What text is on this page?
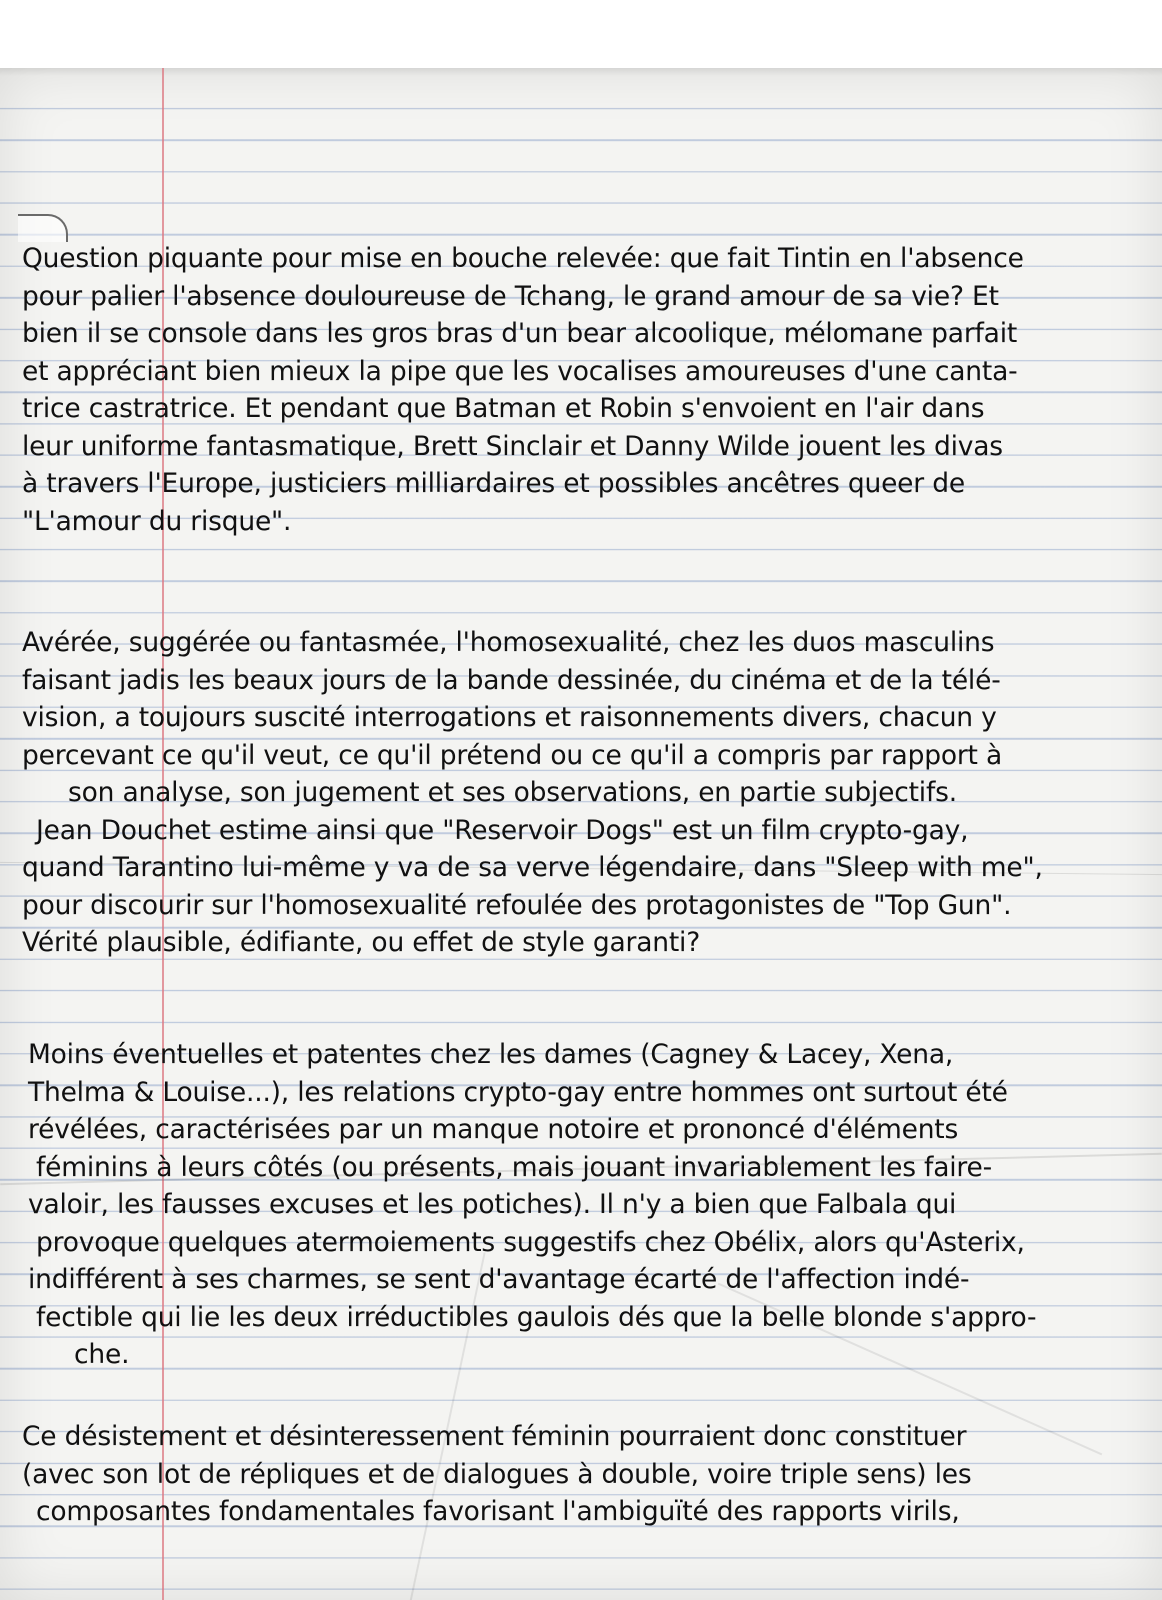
Question piquante pour mise en bouche relevée: que fait Tintin en l'absence
pour palier l'absence douloureuse de Tchang, le grand amour de sa vie? Et
bien il se console dans les gros bras d'un bear alcoolique, mélomane parfait
et appréciant bien mieux la pipe que les vocalises amoureuses d'une canta-
trice castratrice. Et pendant que Batman et Robin s'envoient en l'air dans
leur uniforme fantasmatique, Brett Sinclair et Danny Wilde jouent les divas
à travers l'Europe, justiciers milliardaires et possibles ancêtres queer de
"L'amour du risque".
Avérée, suggérée ou fantasmée, l'homosexualité, chez les duos masculins
faisant jadis les beaux jours de la bande dessinée, du cinéma et de la télé-
vision, a toujours suscité interrogations et raisonnements divers, chacun y
percevant ce qu'il veut, ce qu'il prétend ou ce qu'il a compris par rapport à
son analyse, son jugement et ses observations, en partie subjectifs.
Jean Douchet estime ainsi que "Reservoir Dogs" est un film crypto-gay,
quand Tarantino lui-même y va de sa verve légendaire, dans "Sleep with me",
pour discourir sur l'homosexualité refoulée des protagonistes de "Top Gun".
Vérité plausible, édifiante, ou effet de style garanti?
Moins éventuelles et patentes chez les dames (Cagney & Lacey, Xena,
Thelma & Louise...), les relations crypto-gay entre hommes ont surtout été
révélées, caractérisées par un manque notoire et prononcé d'éléments
féminins à leurs côtés (ou présents, mais jouant invariablement les faire-
valoir, les fausses excuses et les potiches). Il n'y a bien que Falbala qui
provoque quelques atermoiements suggestifs chez Obélix, alors qu'Asterix,
indifférent à ses charmes, se sent d'avantage écarté de l'affection indé-
fectible qui lie les deux irréductibles gaulois dés que la belle blonde s'appro-
che.
Ce désistement et désinteressement féminin pourraient donc constituer
(avec son lot de répliques et de dialogues à double, voire triple sens) les
composantes fondamentales favorisant l'ambiguïté des rapports virils,
